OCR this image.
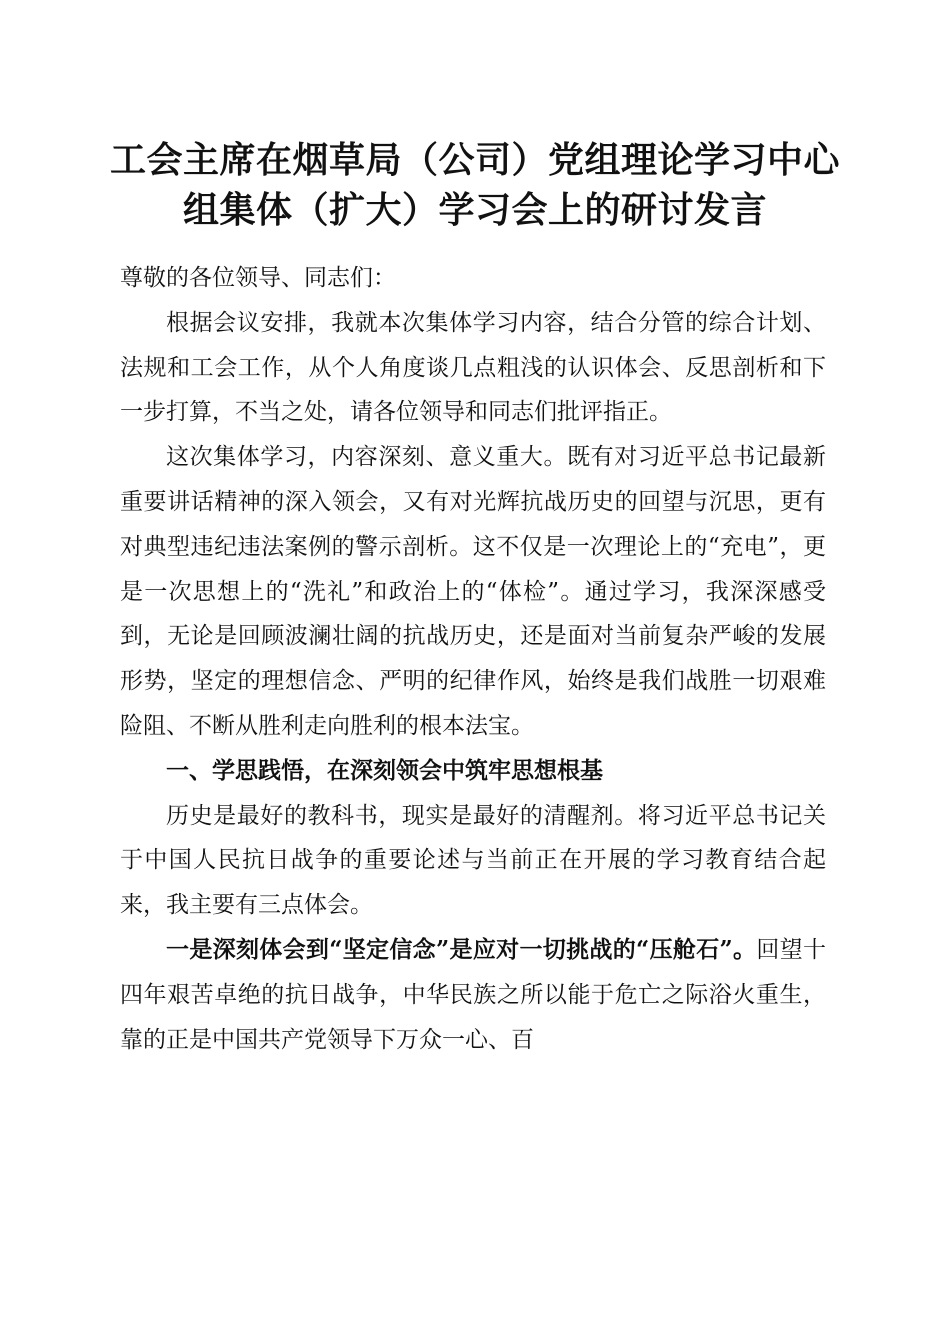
工会主席在烟草局（公司）党组理论学习中心
组集体（扩大）学习会上的研讨发言

尊敬的各位领导、同志们：

根据会议安排，我就本次集体学习内容，结合分管的综合计划、法规和工会工作，从个人角度谈几点粗浅的认识体会、反思剖析和下一步打算，不当之处，请各位领导和同志们批评指正。

这次集体学习，内容深刻、意义重大。既有对习近平总书记最新重要讲话精神的深入领会，又有对光辉抗战历史的回望与沉思，更有对典型违纪违法案例的警示剖析。这不仅是一次理论上的“充电”，更是一次思想上的“洗礼”和政治上的“体检”。通过学习，我深深感受到，无论是回顾波澜壮阔的抗战历史，还是面对当前复杂严峻的发展形势，坚定的理想信念、严明的纪律作风，始终是我们战胜一切艰难险阻、不断从胜利走向胜利的根本法宝。

一、学思践悟，在深刻领会中筑牢思想根基

历史是最好的教科书，现实是最好的清醒剂。将习近平总书记关于中国人民抗日战争的重要论述与当前正在开展的学习教育结合起来，我主要有三点体会。

一是深刻体会到“坚定信念”是应对一切挑战的“压舱石”。回望十四年艰苦卓绝的抗日战争，中华民族之所以能于危亡之际浴火重生，靠的正是中国共产党领导下万众一心、百
